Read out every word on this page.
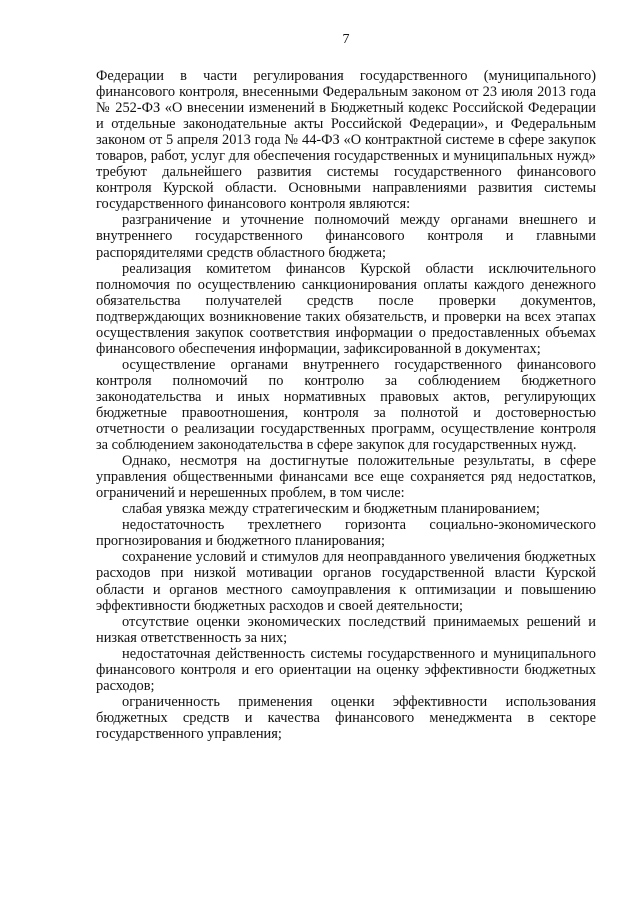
7

Федерации в части регулирования государственного (муниципального) финансового контроля, внесенными Федеральным законом от 23 июля 2013 года № 252-ФЗ «О внесении изменений в Бюджетный кодекс Российской Федерации и отдельные законодательные акты Российской Федерации», и Федеральным законом от 5 апреля 2013 года № 44-ФЗ «О контрактной системе в сфере закупок товаров, работ, услуг для обеспечения государственных и муниципальных нужд» требуют дальнейшего развития системы государственного финансового контроля Курской области. Основными направлениями развития системы государственного финансового контроля являются:

разграничение и уточнение полномочий между органами внешнего и внутреннего государственного финансового контроля и главными распорядителями средств областного бюджета;

реализация комитетом финансов Курской области исключительного полномочия по осуществлению санкционирования оплаты каждого денежного обязательства получателей средств после проверки документов, подтверждающих возникновение таких обязательств, и проверки на всех этапах осуществления закупок соответствия информации о предоставленных объемах финансового обеспечения информации, зафиксированной в документах;

осуществление органами внутреннего государственного финансового контроля полномочий по контролю за соблюдением бюджетного законодательства и иных нормативных правовых актов, регулирующих бюджетные правоотношения, контроля за полнотой и достоверностью отчетности о реализации государственных программ, осуществление контроля за соблюдением законодательства в сфере закупок для государственных нужд.

Однако, несмотря на достигнутые положительные результаты, в сфере управления общественными финансами все еще сохраняется ряд недостатков, ограничений и нерешенных проблем, в том числе:

слабая увязка между стратегическим и бюджетным планированием;

недостаточность трехлетнего горизонта социально-экономического прогнозирования и бюджетного планирования;

сохранение условий и стимулов для неоправданного увеличения бюджетных расходов при низкой мотивации органов государственной власти Курской области и органов местного самоуправления к оптимизации и повышению эффективности бюджетных расходов и своей деятельности;

отсутствие оценки экономических последствий принимаемых решений и низкая ответственность за них;

недостаточная действенность системы государственного и муниципального финансового контроля и его ориентации на оценку эффективности бюджетных расходов;

ограниченность применения оценки эффективности использования бюджетных средств и качества финансового менеджмента в секторе государственного управления;
